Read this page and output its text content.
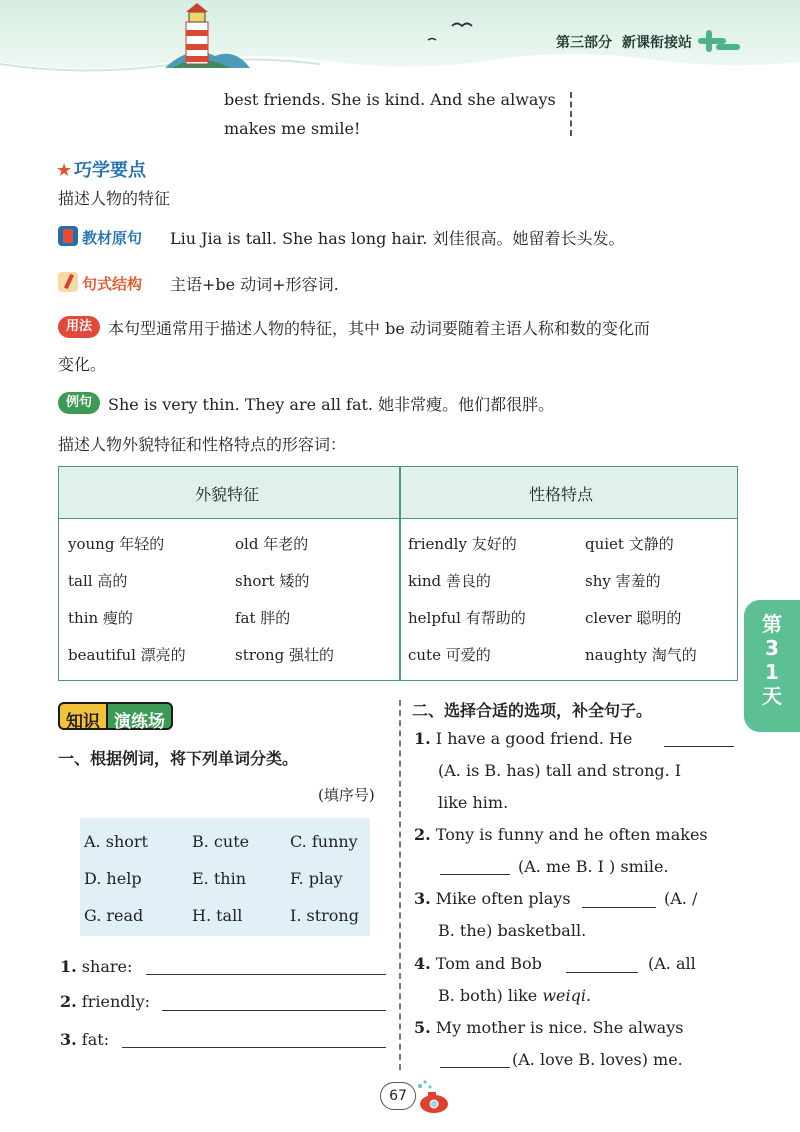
第三部分 新课衔接站
best friends. She is kind. And she always
makes me smile!
★ 巧学要点
描述人物的特征
教材原句 Liu Jia is tall. She has long hair. 刘佳很高。她留着长头发。
句式结构 主语+be 动词+形容词.
用法	本句型通常用于描述人物的特征，其中 be 动词要随着主语人称和数的变化而
变化。
例句	She is very thin. They are all fat. 她非常瘦。他们都很胖。
描述人物外貌特征和性格特点的形容词：
外貌特征	性格特点
young 年轻的	old 年老的	friendly 友好的	quiet 文静的
tall 高的	short 矮的	kind 善良的	shy 害羞的
thin 瘦的	fat 胖的	helpful 有帮助的	clever 聪明的
beautiful 漂亮的	strong 强壮的	cute 可爱的	naughty 淘气的
第31天
知识 演练场
一、根据例词，将下列单词分类。
(填序号)
A. short	B. cute	C. funny
D. help	E. thin	F. play
G. read	H. tall	I. strong
1. share:
2. friendly:
3. fat:
二、选择合适的选项，补全句子。
1. I have a good friend. He
(A. is B. has) tall and strong. I
like him.
2. Tony is funny and he often makes
(A. me B. I ) smile.
3. Mike often plays	(A. /
B. the) basketball.
4. Tom and Bob	(A. all
B. both) like weiqi.
5. My mother is nice. She always
(A. love B. loves) me.
67
